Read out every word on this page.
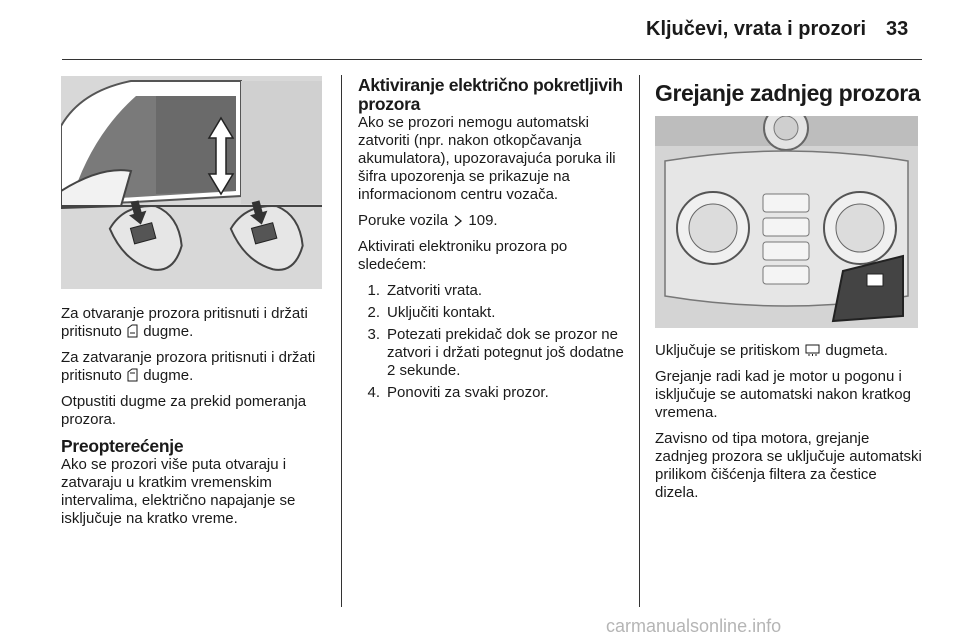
Ključevi, vrata i prozori 33

Za otvaranje prozora pritisnuti i držati pritisnuto dugme.

Za zatvaranje prozora pritisnuti i držati pritisnuto dugme.

Otpustiti dugme za prekid pomeranja prozora.

Preopterećenje

Ako se prozori više puta otvaraju i zatvaraju u kratkim vremenskim intervalima, električno napajanje se isključuje na kratko vreme.

Aktiviranje električno pokretljivih prozora

Ako se prozori nemogu automatski zatvoriti (npr. nakon otkopčavanja akumulatora), upozoravajuća poruka ili šifra upozorenja se prikazuje na informacionom centru vozača.

Poruke vozila 109.

Aktivirati elektroniku prozora po sledećem:

1. Zatvoriti vrata.
2. Uključiti kontakt.
3. Potezati prekidač dok se prozor ne zatvori i držati potegnut još dodatne 2 sekunde.
4. Ponoviti za svaki prozor.
Grejanje zadnjeg prozora

Uključuje se pritiskom dugmeta.

Grejanje radi kad je motor u pogonu i isključuje se automatski nakon kratkog vremena.

Zavisno od tipa motora, grejanje zadnjeg prozora se uključuje automatski prilikom čišćenja filtera za čestice dizela.

carmanualsonline.info
